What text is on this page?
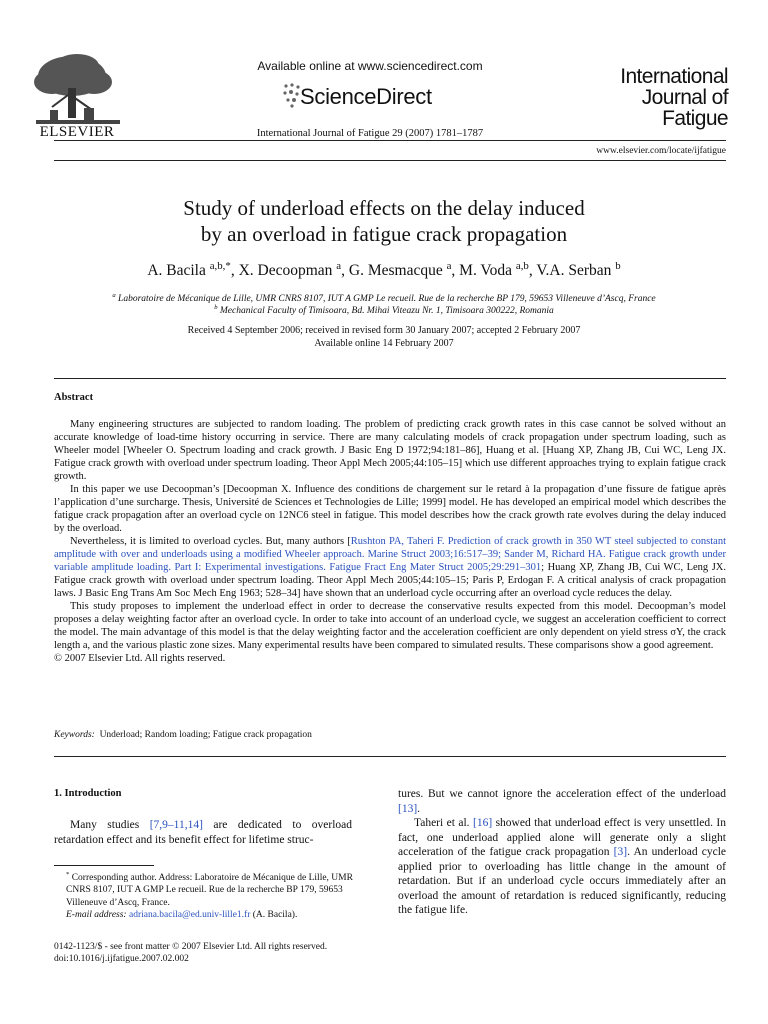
ELSEVIER
Available online at www.sciencedirect.com
ScienceDirect
International Journal of Fatigue 29 (2007) 1781–1787
International
Journal of
Fatigue
www.elsevier.com/locate/ijfatigue
Study of underload effects on the delay induced
by an overload in fatigue crack propagation
A. Bacila $^{a,b,*}$, X. Decoopman $^a$, G. Mesmacque $^a$, M. Voda $^{a,b}$, V.A. Serban $^b$
$^a$ Laboratoire de Mécanique de Lille, UMR CNRS 8107, IUT A GMP Le recueil. Rue de la recherche BP 179, 59653 Villeneuve d’Ascq, France
$^b$ Mechanical Faculty of Timisoara, Bd. Mihai Viteazu Nr. 1, Timisoara 300222, Romania
Received 4 September 2006; received in revised form 30 January 2007; accepted 2 February 2007
Available online 14 February 2007
Abstract

Many engineering structures are subjected to random loading. The problem of predicting crack growth rates in this case cannot be solved without an accurate knowledge of load-time history occurring in service. There are many calculating models of crack propagation under spectrum loading, such as Wheeler model [Wheeler O. Spectrum loading and crack growth. J Basic Eng D 1972;94:181–86], Huang et al. [Huang XP, Zhang JB, Cui WC, Leng JX. Fatigue crack growth with overload under spectrum loading. Theor Appl Mech 2005;44:105–15] which use different approaches trying to explain fatigue crack growth.

In this paper we use Decoopman’s [Decoopman X. Influence des conditions de chargement sur le retard à la propagation d’une fissure de fatigue après l’application d’une surcharge. Thesis, Université de Sciences et Technologies de Lille; 1999] model. He has developed an empirical model which describes the fatigue crack propagation after an overload cycle on 12NC6 steel in fatigue. This model describes how the crack growth rate evolves during the delay induced by the overload.

Nevertheless, it is limited to overload cycles. But, many authors [Rushton PA, Taheri F. Prediction of crack growth in 350 WT steel subjected to constant amplitude with over and underloads using a modified Wheeler approach. Marine Struct 2003;16:517–39; Sander M, Richard HA. Fatigue crack growth under variable amplitude loading. Part I: Experimental investigations. Fatigue Fract Eng Mater Struct 2005;29:291–301; Huang XP, Zhang JB, Cui WC, Leng JX. Fatigue crack growth with overload under spectrum loading. Theor Appl Mech 2005;44:105–15; Paris P, Erdogan F. A critical analysis of crack propagation laws. J Basic Eng Trans Am Soc Mech Eng 1963; 528–34] have shown that an underload cycle occurring after an overload cycle reduces the delay.

This study proposes to implement the underload effect in order to decrease the conservative results expected from this model. Decoopman’s model proposes a delay weighting factor after an overload cycle. In order to take into account of an underload cycle, we suggest an acceleration coefficient to correct the model. The main advantage of this model is that the delay weighting factor and the acceleration coefficient are only dependent on yield stress σY, the crack length a, and the various plastic zone sizes. Many experimental results have been compared to simulated results. These comparisons show a good agreement.

© 2007 Elsevier Ltd. All rights reserved.

Keywords: Underload; Random loading; Fatigue crack propagation
1. Introduction

Many studies [7,9–11,14] are dedicated to overload retardation effect and its benefit effect for lifetime struc-

* Corresponding author. Address: Laboratoire de Mécanique de Lille, UMR CNRS 8107, IUT A GMP Le recueil. Rue de la recherche BP 179, 59653 Villeneuve d’Ascq, France.

E-mail address: adriana.bacila@ed.univ-lille1.fr (A. Bacila).

0142-1123/$ - see front matter © 2007 Elsevier Ltd. All rights reserved.
doi:10.1016/j.ijfatigue.2007.02.002

tures. But we cannot ignore the acceleration effect of the underload [13].

Taheri et al. [16] showed that underload effect is very unsettled. In fact, one underload applied alone will generate only a slight acceleration of the fatigue crack propagation [3]. An underload cycle applied prior to overloading has little change in the amount of retardation. But if an underload cycle occurs immediately after an overload the amount of retardation is reduced significantly, reducing the fatigue life.
